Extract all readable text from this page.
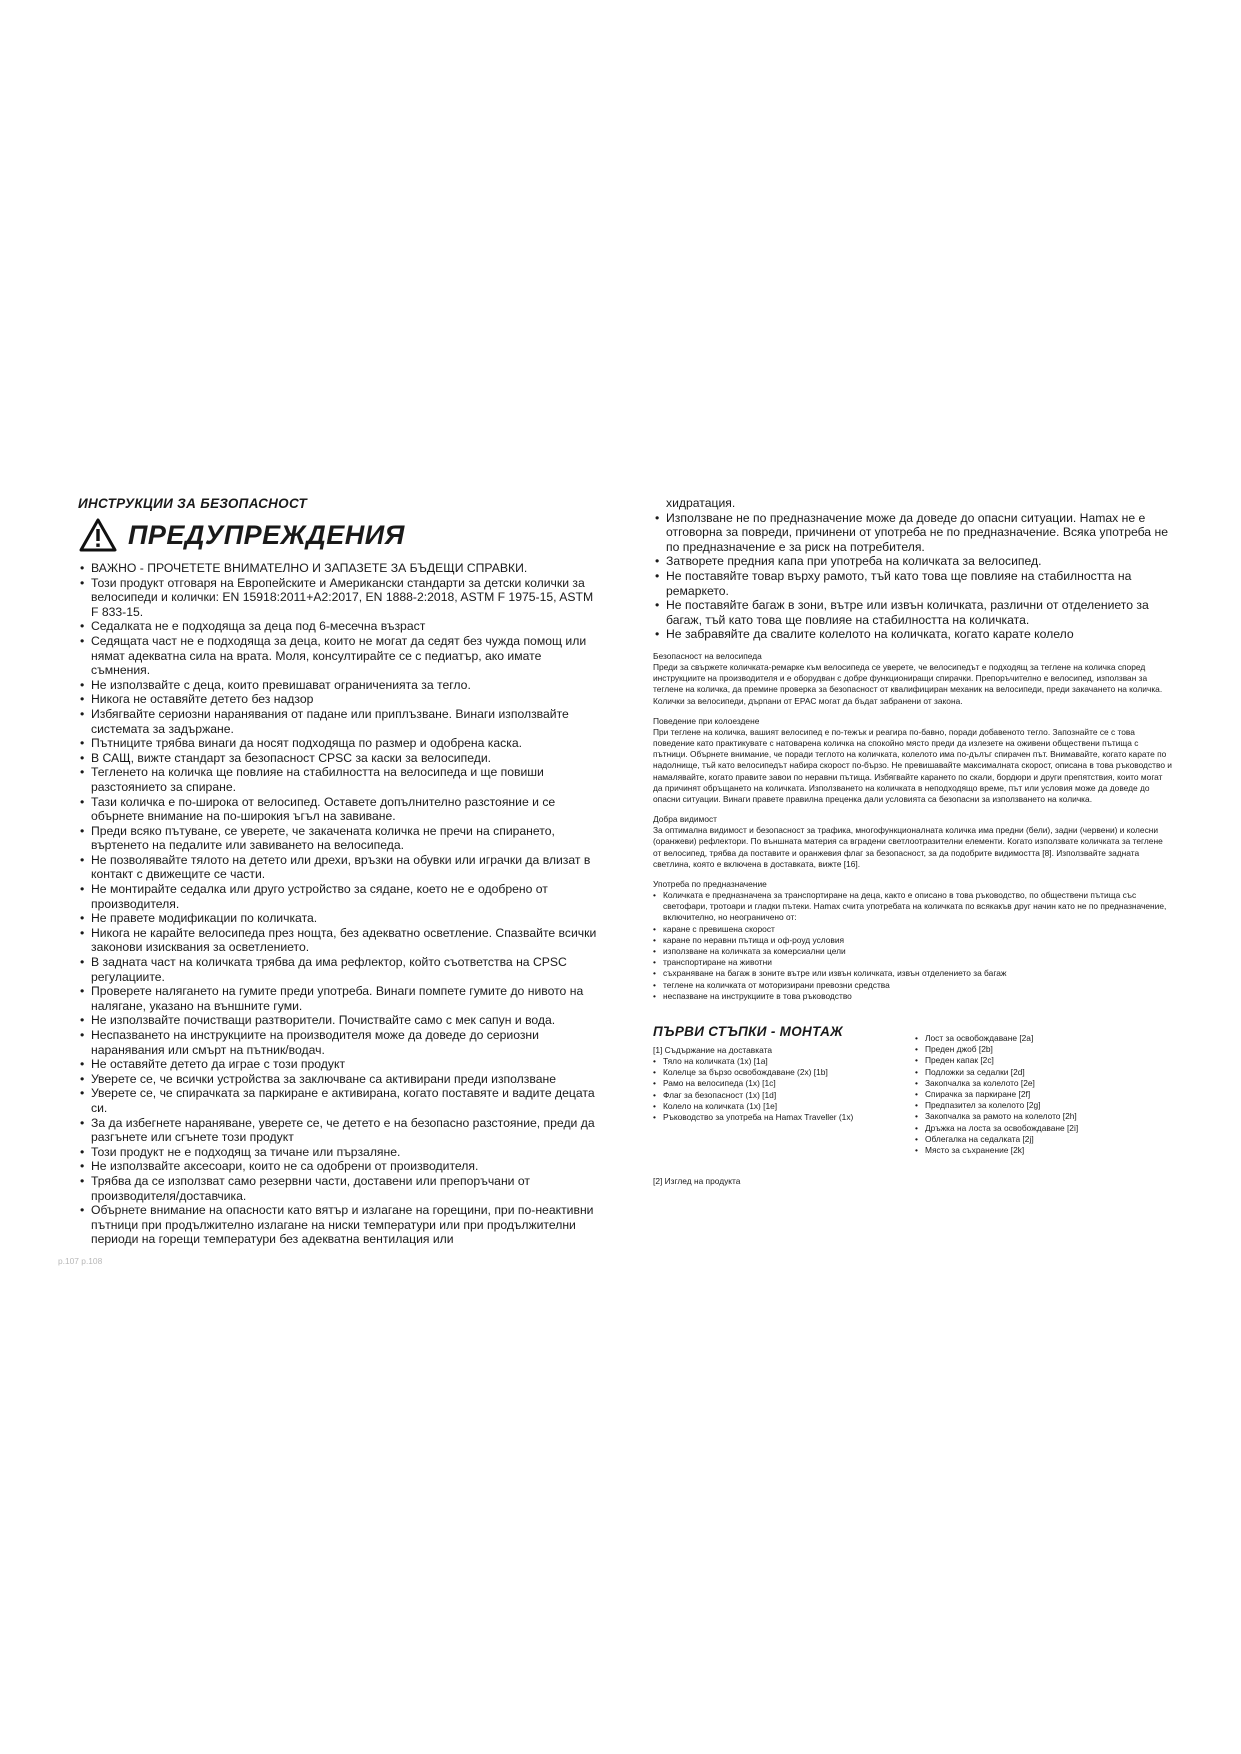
ИНСТРУКЦИИ ЗА БЕЗОПАСНОСТ
ПРЕДУПРЕЖДЕНИЯ
• ВАЖНО - ПРОЧЕТЕТЕ ВНИМАТЕЛНО И ЗАПАЗЕТЕ ЗА БЪДЕЩИ СПРАВКИ.
• Този продукт отговаря на Европейските и Американски стандарти за детски колички за велосипеди и колички: EN 15918:2011+A2:2017, EN 1888-2:2018, ASTM F 1975-15, ASTM F 833-15.
• Седалката не е подходяща за деца под 6-месечна възраст
• Седящата част не е подходяща за деца, които не могат да седят без чужда помощ или нямат адекватна сила на врата. Моля, консултирайте се с педиатър, ако имате съмнения.
• Не използвайте с деца, които превишават ограниченията за тегло.
• Никога не оставяйте детето без надзор
• Избягвайте сериозни наранявания от падане или приплъзване. Винаги използвайте системата за задържане.
• Пътниците трябва винаги да носят подходяща по размер и одобрена каска.
• В САЩ, вижте стандарт за безопасност CPSC за каски за велосипеди.
• Тегленето на количка ще повлияе на стабилността на велосипеда и ще повиши разстоянието за спиране.
• Тази количка е по-широка от велосипед. Оставете допълнително разстояние и се обърнете внимание на по-широкия ъгъл на завиване.
• Преди всяко пътуване, се уверете, че закачената количка не пречи на спирането, въртенето на педалите или завиването на велосипеда.
• Не позволявайте тялото на детето или дрехи, връзки на обувки или играчки да влизат в контакт с движещите се части.
• Не монтирайте седалка или друго устройство за сядане, което не е одобрено от производителя.
• Не правете модификации по количката.
• Никога не карайте велосипеда през нощта, без адекватно осветление. Спазвайте всички законови изисквания за осветлението.
• В задната част на количката трябва да има рефлектор, който съответства на CPSC регулациите.
• Проверете налягането на гумите преди употреба. Винаги помпете гумите до нивото на налягане, указано на външните гуми.
• Не използвайте почистващи разтворители. Почиствайте само с мек сапун и вода.
• Неспазването на инструкциите на производителя може да доведе до сериозни наранявания или смърт на пътник/водач.
• Не оставяйте детето да играе с този продукт
• Уверете се, че всички устройства за заключване са активирани преди използване
• Уверете се, че спирачката за паркиране е активирана, когато поставяте и вадите децата си.
• За да избегнете нараняване, уверете се, че детето е на безопасно разстояние, преди да разгънете или сгънете този продукт
• Този продукт не е подходящ за тичане или пързаляне.
• Не използвайте аксесоари, които не са одобрени от производителя.
• Трябва да се използват само резервни части, доставени или препоръчани от производителя/доставчика.
• Обърнете внимание на опасности като вятър и излагане на горещини, при по-неактивни пътници при продължително излагане на ниски температури или при продължителни периоди на горещи температури без адекватна вентилация или

хидратация.

• Използване не по предназначение може да доведе до опасни ситуации. Hamax не е отговорна за повреди, причинени от употреба не по предназначение. Всяка употреба не по предназначение е за риск на потребителя.
• Затворете предния капа при употреба на количката за велосипед.
• Не поставяйте товар върху рамото, тъй като това ще повлияе на стабилността на ремаркето.
• Не поставяйте багаж в зони, вътре или извън количката, различни от отделението за багаж, тъй като това ще повлияе на стабилността на количката.
• Не забравяйте да свалите колелото на количката, когато карате колело
Безопасност на велосипеда

Преди за свържете количката-ремарке към велосипеда се уверете, че велосипедът е подходящ за теглене на количка според инструкциите на производителя и е оборудван с добре функциониращи спирачки. Препоръчително е велосипед, използван за теглене на количка, да премине проверка за безопасност от квалифициран механик на велосипеди, преди закачането на количка. Колички за велосипеди, дърпани от EPAC могат да бъдат забранени от закона.

Поведение при колоездене

При теглене на количка, вашият велосипед е по-тежък и реагира по-бавно, поради добавеното тегло. Запознайте се с това поведение като практикувате с натоварена количка на спокойно място преди да излезете на оживени обществени пътища с пътници. Обърнете внимание, че поради теглото на количката, колелото има по-дълъг спирачен път. Внимавайте, когато карате по надолнище, тъй като велосипедът набира скорост по-бързо. Не превишавайте максималната скорост, описана в това ръководство и намалявайте, когато правите завои по неравни пътища. Избягвайте карането по скали, бордюри и други препятствия, които могат да причинят обръщането на количката. Използването на количката в неподходящо време, път или условия може да доведе до опасни ситуации. Винаги правете правилна преценка дали условията са безопасни за използването на количка.

Добра видимост

За оптимална видимост и безопасност за трафика, многофункционалната количка има предни (бели), задни (червени) и колесни (оранжеви) рефлектори. По външната материя са вградени светлоотразителни елементи. Когато използвате количката за теглене от велосипед, трябва да поставите и оранжевия флаг за безопасност, за да подобрите видимостта [8]. Използвайте задната светлина, която е включена в доставката, вижте [16].

Употреба по предназначение
• Количката е предназначена за транспортиране на деца, както е описано в това ръководство, по обществени пътища със светофари, тротоари и гладки пътеки. Hamax счита употребата на количката по всякакъв друг начин като не по предназначение, включително, но неограничено от:
• каране с превишена скорост
• каране по неравни пътища и оф-роуд условия
• използване на количката за комерсиални цели
• транспортиране на животни
• съхраняване на багаж в зоните вътре или извън количката, извън отделението за багаж
• теглене на количката от моторизирани превозни средства
• неспазване на инструкциите в това ръководство
ПЪРВИ СТЪПКИ - МОНТАЖ
[1] Съдържание на доставката
• Тяло на количката (1x) [1a]
• Колелце за бързо освобождаване (2x) [1b]
• Рамо на велосипеда (1x) [1c]
• Флаг за безопасност (1x) [1d]
• Колело на количката (1x) [1e]
• Ръководство за употреба на Hamax Traveller (1x)
• Лост за освобождаване [2a]
• Преден джоб [2b]
• Преден капак [2c]
• Подложки за седалки [2d]
• Закопчалка за колелото [2e]
• Спирачка за паркиране [2f]
• Предпазител за колелото [2g]
• Закопчалка за рамото на колелото [2h]
• Дръжка на лоста за освобождаване [2i]
• Облегалка на седалката [2j]
• Място за съхранение [2k]
[2] Изглед на продукта
p.107 p.108
